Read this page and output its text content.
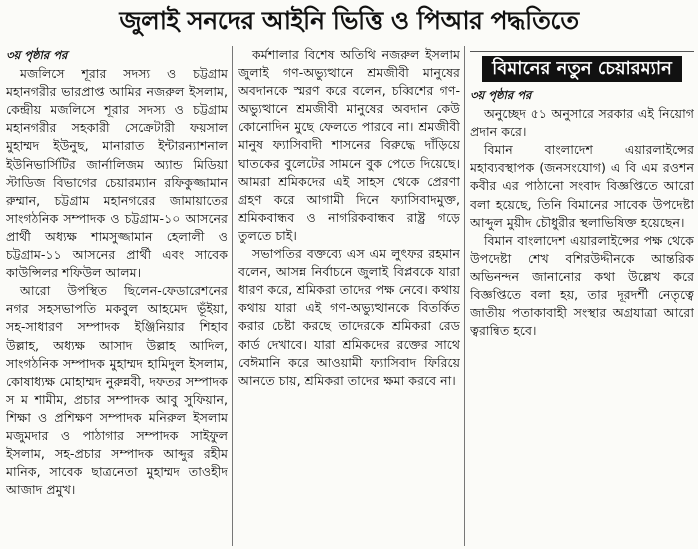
জুলাই সনদের আইনি ভিত্তি ও পিআর পদ্ধতিতে
৩য় পৃষ্ঠার পর

মজলিসে শূরার সদস্য ও চট্টগ্রাম মহানগরীর ভারপ্রাপ্ত আমির নজরুল ইসলাম, কেন্দ্রীয় মজলিসে শূরার সদস্য ও চট্টগ্রাম মহানগরীর সহকারী সেক্রেটারী ফয়সাল মুহাম্মদ ইউনুছ, মানারাত ইন্টারন্যাশনাল ইউনিভার্সিটির জার্নালিজম অ্যান্ড মিডিয়া স্টাডিজ বিভাগের চেয়ারম্যান রফিকুজ্জামান রুম্মান, চট্টগ্রাম মহানগরের জামায়াতের সাংগঠনিক সম্পাদক ও চট্টগ্রাম-১০ আসনের প্রার্থী অধ্যক্ষ শামসুজ্জামান হেলালী ও চট্টগ্রাম-১১ আসনের প্রার্থী এবং সাবেক কাউন্সিলর শফিউল আলম।

আরো উপস্থিত ছিলেন-ফেডারেশনের নগর সহসভাপতি মকবুল আহমেদ ভূঁইয়া, সহ-সাধারণ সম্পাদক ইঞ্জিনিয়ার শিহাব উল্লাহ, অধ্যক্ষ আসাদ উল্লাহ আদিল, সাংগঠনিক সম্পাদক মুহাম্মদ হামিদুল ইসলাম, কোষাধ্যক্ষ মোহাম্মদ নুরুন্নবী, দফতর সম্পাদক স ম শামীম, প্রচার সম্পাদক আবু সুফিয়ান, শিক্ষা ও প্রশিক্ষণ সম্পাদক মনিরুল ইসলাম মজুমদার ও পাঠাগার সম্পাদক সাইফুল ইসলাম, সহ-প্রচার সম্পাদক আব্দুর রহীম মানিক, সাবেক ছাত্রনেতা মুহাম্মদ তাওহীদ আজাদ প্রমুখ।

কর্মশালার বিশেষ অতিথি নজরুল ইসলাম জুলাই গণ-অভ্যুত্থানে শ্রমজীবী মানুষের অবদানকে স্মরণ করে বলেন, চব্বিশের গণ-অভ্যুত্থানে শ্রমজীবী মানুষের অবদান কেউ কোনোদিন মুছে ফেলতে পারবে না। শ্রমজীবী মানুষ ফ্যাসিবাদী শাসনের বিরুদ্ধে দাঁড়িয়ে ঘাতকের বুলেটের সামনে বুক পেতে দিয়েছে। আমরা শ্রমিকদের এই সাহস থেকে প্রেরণা গ্রহণ করে আগামী দিনে ফ্যাসিবাদমুক্ত, শ্রমিকবান্ধব ও নাগরিকবান্ধব রাষ্ট্র গড়ে তুলতে চাই।

সভাপতির বক্তব্যে এস এম লুৎফর রহমান বলেন, আসন্ন নির্বাচনে জুলাই বিপ্লবকে যারা ধারণ করে, শ্রমিকরা তাদের পক্ষ নেবে। কথায় কথায় যারা এই গণ-অভ্যুত্থানকে বিতর্কিত করার চেষ্টা করছে তাদেরকে শ্রমিকরা রেড কার্ড দেখাবে। যারা শ্রমিকদের রক্তের সাথে বেঈমানি করে আওয়ামী ফ্যাসিবাদ ফিরিয়ে আনতে চায়, শ্রমিকরা তাদের ক্ষমা করবে না।

বিমানের নতুন চেয়ারম্যান
৩য় পৃষ্ঠার পর

অনুচ্ছেদ ৫১ অনুসারে সরকার এই নিয়োগ প্রদান করে।

বিমান বাংলাদেশ এয়ারলাইন্সের মহাব্যবস্থাপক (জনসংযোগ) এ বি এম রওশন কবীর এর পাঠানো সংবাদ বিজ্ঞপ্তিতে আরো বলা হয়েছে, তিনি বিমানের সাবেক উপদেষ্টা আব্দুল মুয়ীদ চৌধুরীর স্থলাভিষিক্ত হয়েছেন।

বিমান বাংলাদেশ এয়ারলাইন্সের পক্ষ থেকে উপদেষ্টা শেখ বশিরউদ্দীনকে আন্তরিক অভিনন্দন জানানোর কথা উল্লেখ করে বিজ্ঞপ্তিতে বলা হয়, তার দূরদর্শী নেতৃত্বে জাতীয় পতাকাবাহী সংস্থার অগ্রযাত্রা আরো ত্বরান্বিত হবে।
